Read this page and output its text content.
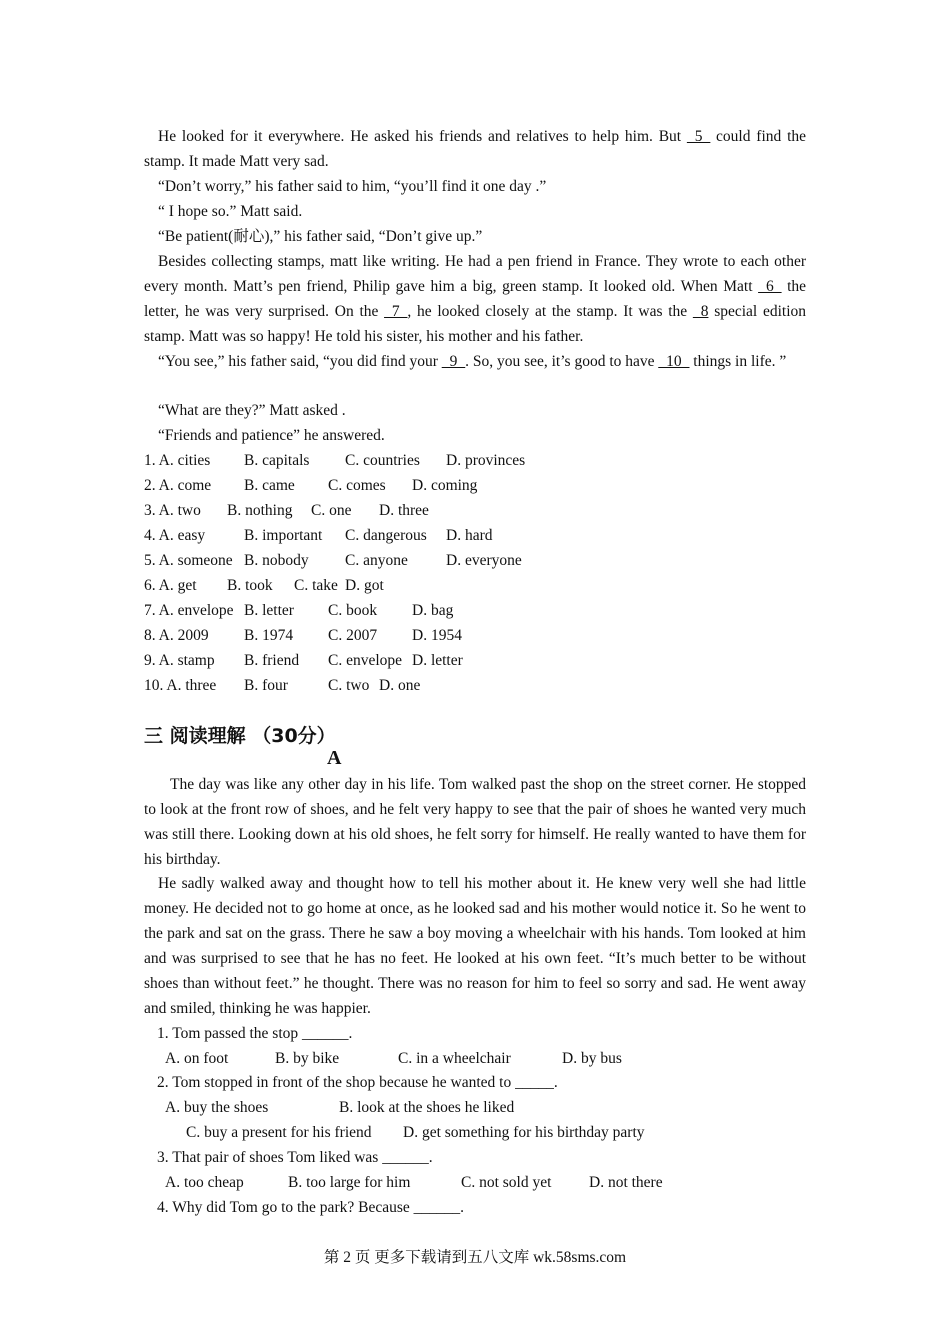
He looked for it everywhere. He asked his friends and relatives to help him. But _5_ could find the stamp. It made Matt very sad.
“Don’t worry,” his father said to him, “you’ll find it one day .”
“ I hope so.” Matt said.
“Be patient(耐心),” his father said, “Don’t give up.”
Besides collecting stamps, matt like writing. He had a pen friend in France. They wrote to each other every month. Matt’s pen friend, Philip gave him a big, green stamp. It looked old. When Matt _6_ the letter, he was very surprised. On the _7_, he looked closely at the stamp. It was the _8 special edition stamp. Matt was so happy! He told his sister, his mother and his father.
“You see,” his father said, “you did find your _9_. So, you see, it’s good to have _10_ things in life. ”
“What are they?” Matt asked .
“Friends and patience” he answered.
1. A. cities B. capitals C. countries D. provinces
2. A. come B. came C. comes D. coming
3. A. two B. nothing C. one D. three
4. A. easy	B. important C. dangerous D. hard
5. A. someone B. nobody C. anyone D. everyone
6. A. get B. took C. take D. got
7. A. envelope B. letter C. book D. bag
8. A. 2009 B. 1974 C. 2007 D. 1954
9. A. stamp B. friend C. envelope D. letter
10. A. three B. four	C. two D. one
三 阅读理解 （30分）
A
The day was like any other day in his life. Tom walked past the shop on the street corner. He stopped to look at the front row of shoes, and he felt very happy to see that the pair of shoes he wanted very much was still there. Looking down at his old shoes, he felt sorry for himself. He really wanted to have them for his birthday.
He sadly walked away and thought how to tell his mother about it. He knew very well she had little money. He decided not to go home at once, as he looked sad and his mother would notice it. So he went to the park and sat on the grass. There he saw a boy moving a wheelchair with his hands. Tom looked at him and was surprised to see that he has no feet. He looked at his own feet. “It’s much better to be without shoes than without feet.” he thought. There was no reason for him to feel so sorry and sad. He went away and smiled, thinking he was happier.
1. Tom passed the stop ______.
A. on foot	B. by bike	C. in a wheelchair	D. by bus
2. Tom stopped in front of the shop because he wanted to _____.
A. buy the shoes	B. look at the shoes he liked
C. buy a present for his friend D. get something for his birthday party
3. That pair of shoes Tom liked was ______.
A. too cheap	B. too large for him	C. not sold yet D. not there
4. Why did Tom go to the park? Because ______.
第 2 页 更多下载请到五八文库 wk.58sms.com
